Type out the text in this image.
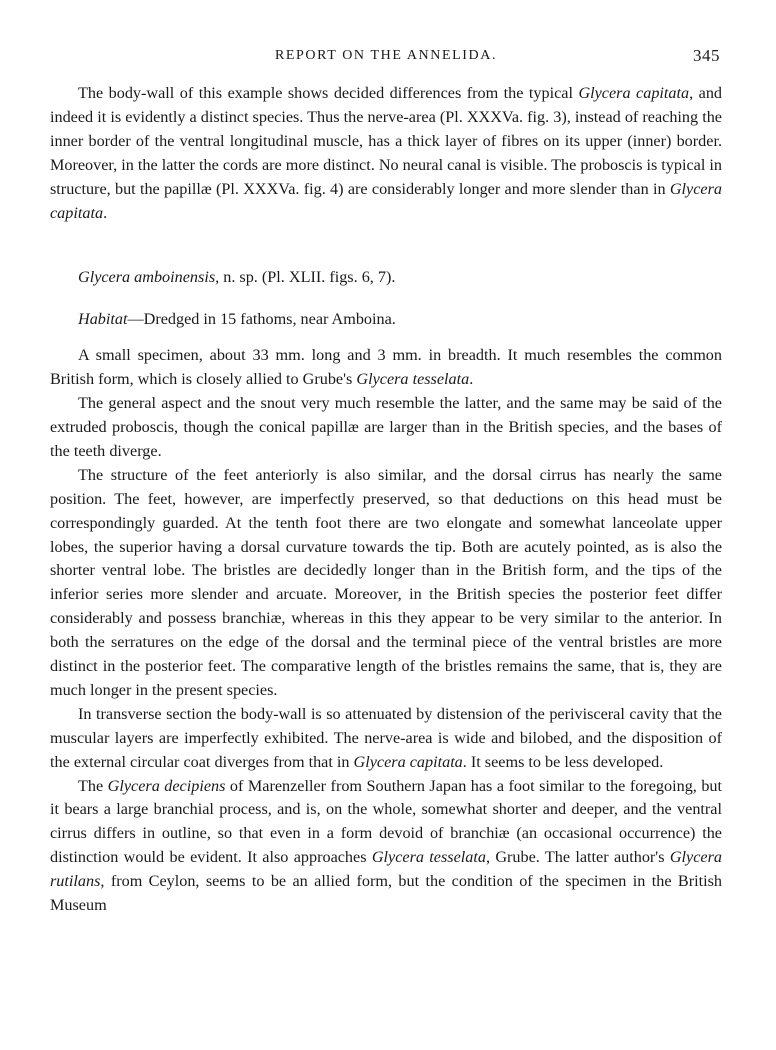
REPORT ON THE ANNELIDA.	345

The body-wall of this example shows decided differences from the typical Glycera capitata, and indeed it is evidently a distinct species. Thus the nerve-area (Pl. XXXVa. fig. 3), instead of reaching the inner border of the ventral longitudinal muscle, has a thick layer of fibres on its upper (inner) border. Moreover, in the latter the cords are more distinct. No neural canal is visible. The proboscis is typical in structure, but the papillæ (Pl. XXXVa. fig. 4) are considerably longer and more slender than in Glycera capitata.

Glycera amboinensis, n. sp. (Pl. XLII. figs. 6, 7).

Habitat—Dredged in 15 fathoms, near Amboina.

A small specimen, about 33 mm. long and 3 mm. in breadth. It much resembles the common British form, which is closely allied to Grube's Glycera tesselata.

The general aspect and the snout very much resemble the latter, and the same may be said of the extruded proboscis, though the conical papillæ are larger than in the British species, and the bases of the teeth diverge.

The structure of the feet anteriorly is also similar, and the dorsal cirrus has nearly the same position. The feet, however, are imperfectly preserved, so that deductions on this head must be correspondingly guarded. At the tenth foot there are two elongate and somewhat lanceolate upper lobes, the superior having a dorsal curvature towards the tip. Both are acutely pointed, as is also the shorter ventral lobe. The bristles are decidedly longer than in the British form, and the tips of the inferior series more slender and arcuate. Moreover, in the British species the posterior feet differ considerably and possess branchiæ, whereas in this they appear to be very similar to the anterior. In both the serratures on the edge of the dorsal and the terminal piece of the ventral bristles are more distinct in the posterior feet. The comparative length of the bristles remains the same, that is, they are much longer in the present species.

In transverse section the body-wall is so attenuated by distension of the perivisceral cavity that the muscular layers are imperfectly exhibited. The nerve-area is wide and bilobed, and the disposition of the external circular coat diverges from that in Glycera capitata. It seems to be less developed.

The Glycera decipiens of Marenzeller from Southern Japan has a foot similar to the foregoing, but it bears a large branchial process, and is, on the whole, somewhat shorter and deeper, and the ventral cirrus differs in outline, so that even in a form devoid of branchiæ (an occasional occurrence) the distinction would be evident. It also approaches Glycera tesselata, Grube. The latter author's Glycera rutilans, from Ceylon, seems to be an allied form, but the condition of the specimen in the British Museum
